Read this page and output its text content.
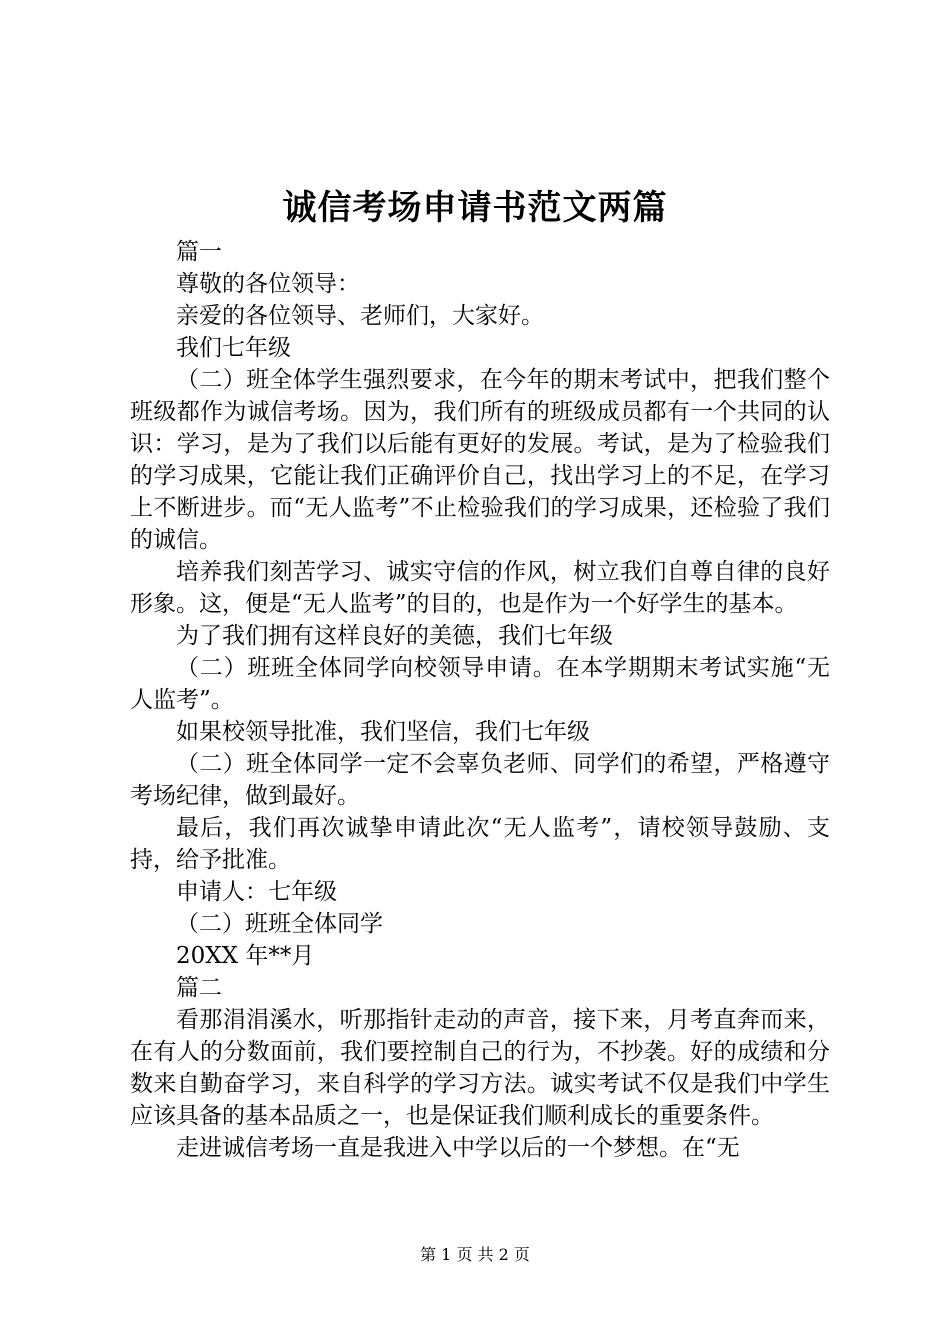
诚信考场申请书范文两篇

篇一

尊敬的各位领导：

亲爱的各位领导、老师们，大家好。

我们七年级

（二）班全体学生强烈要求，在今年的期末考试中，把我们整个班级都作为诚信考场。因为，我们所有的班级成员都有一个共同的认识：学习，是为了我们以后能有更好的发展。考试，是为了检验我们的学习成果，它能让我们正确评价自己，找出学习上的不足，在学习上不断进步。而“无人监考”不止检验我们的学习成果，还检验了我们的诚信。

培养我们刻苦学习、诚实守信的作风，树立我们自尊自律的良好形象。这，便是“无人监考”的目的，也是作为一个好学生的基本。

为了我们拥有这样良好的美德，我们七年级

（二）班班全体同学向校领导申请。在本学期期末考试实施“无人监考”。

如果校领导批准，我们坚信，我们七年级

（二）班全体同学一定不会辜负老师、同学们的希望，严格遵守考场纪律，做到最好。

最后，我们再次诚挚申请此次“无人监考”，请校领导鼓励、支持，给予批准。

申请人：七年级

（二）班班全体同学

20XX 年**月

篇二

看那涓涓溪水，听那指针走动的声音，接下来，月考直奔而来，在有人的分数面前，我们要控制自己的行为，不抄袭。好的成绩和分数来自勤奋学习，来自科学的学习方法。诚实考试不仅是我们中学生应该具备的基本品质之一，也是保证我们顺利成长的重要条件。

走进诚信考场一直是我进入中学以后的一个梦想。在“无

第 1 页 共 2 页
